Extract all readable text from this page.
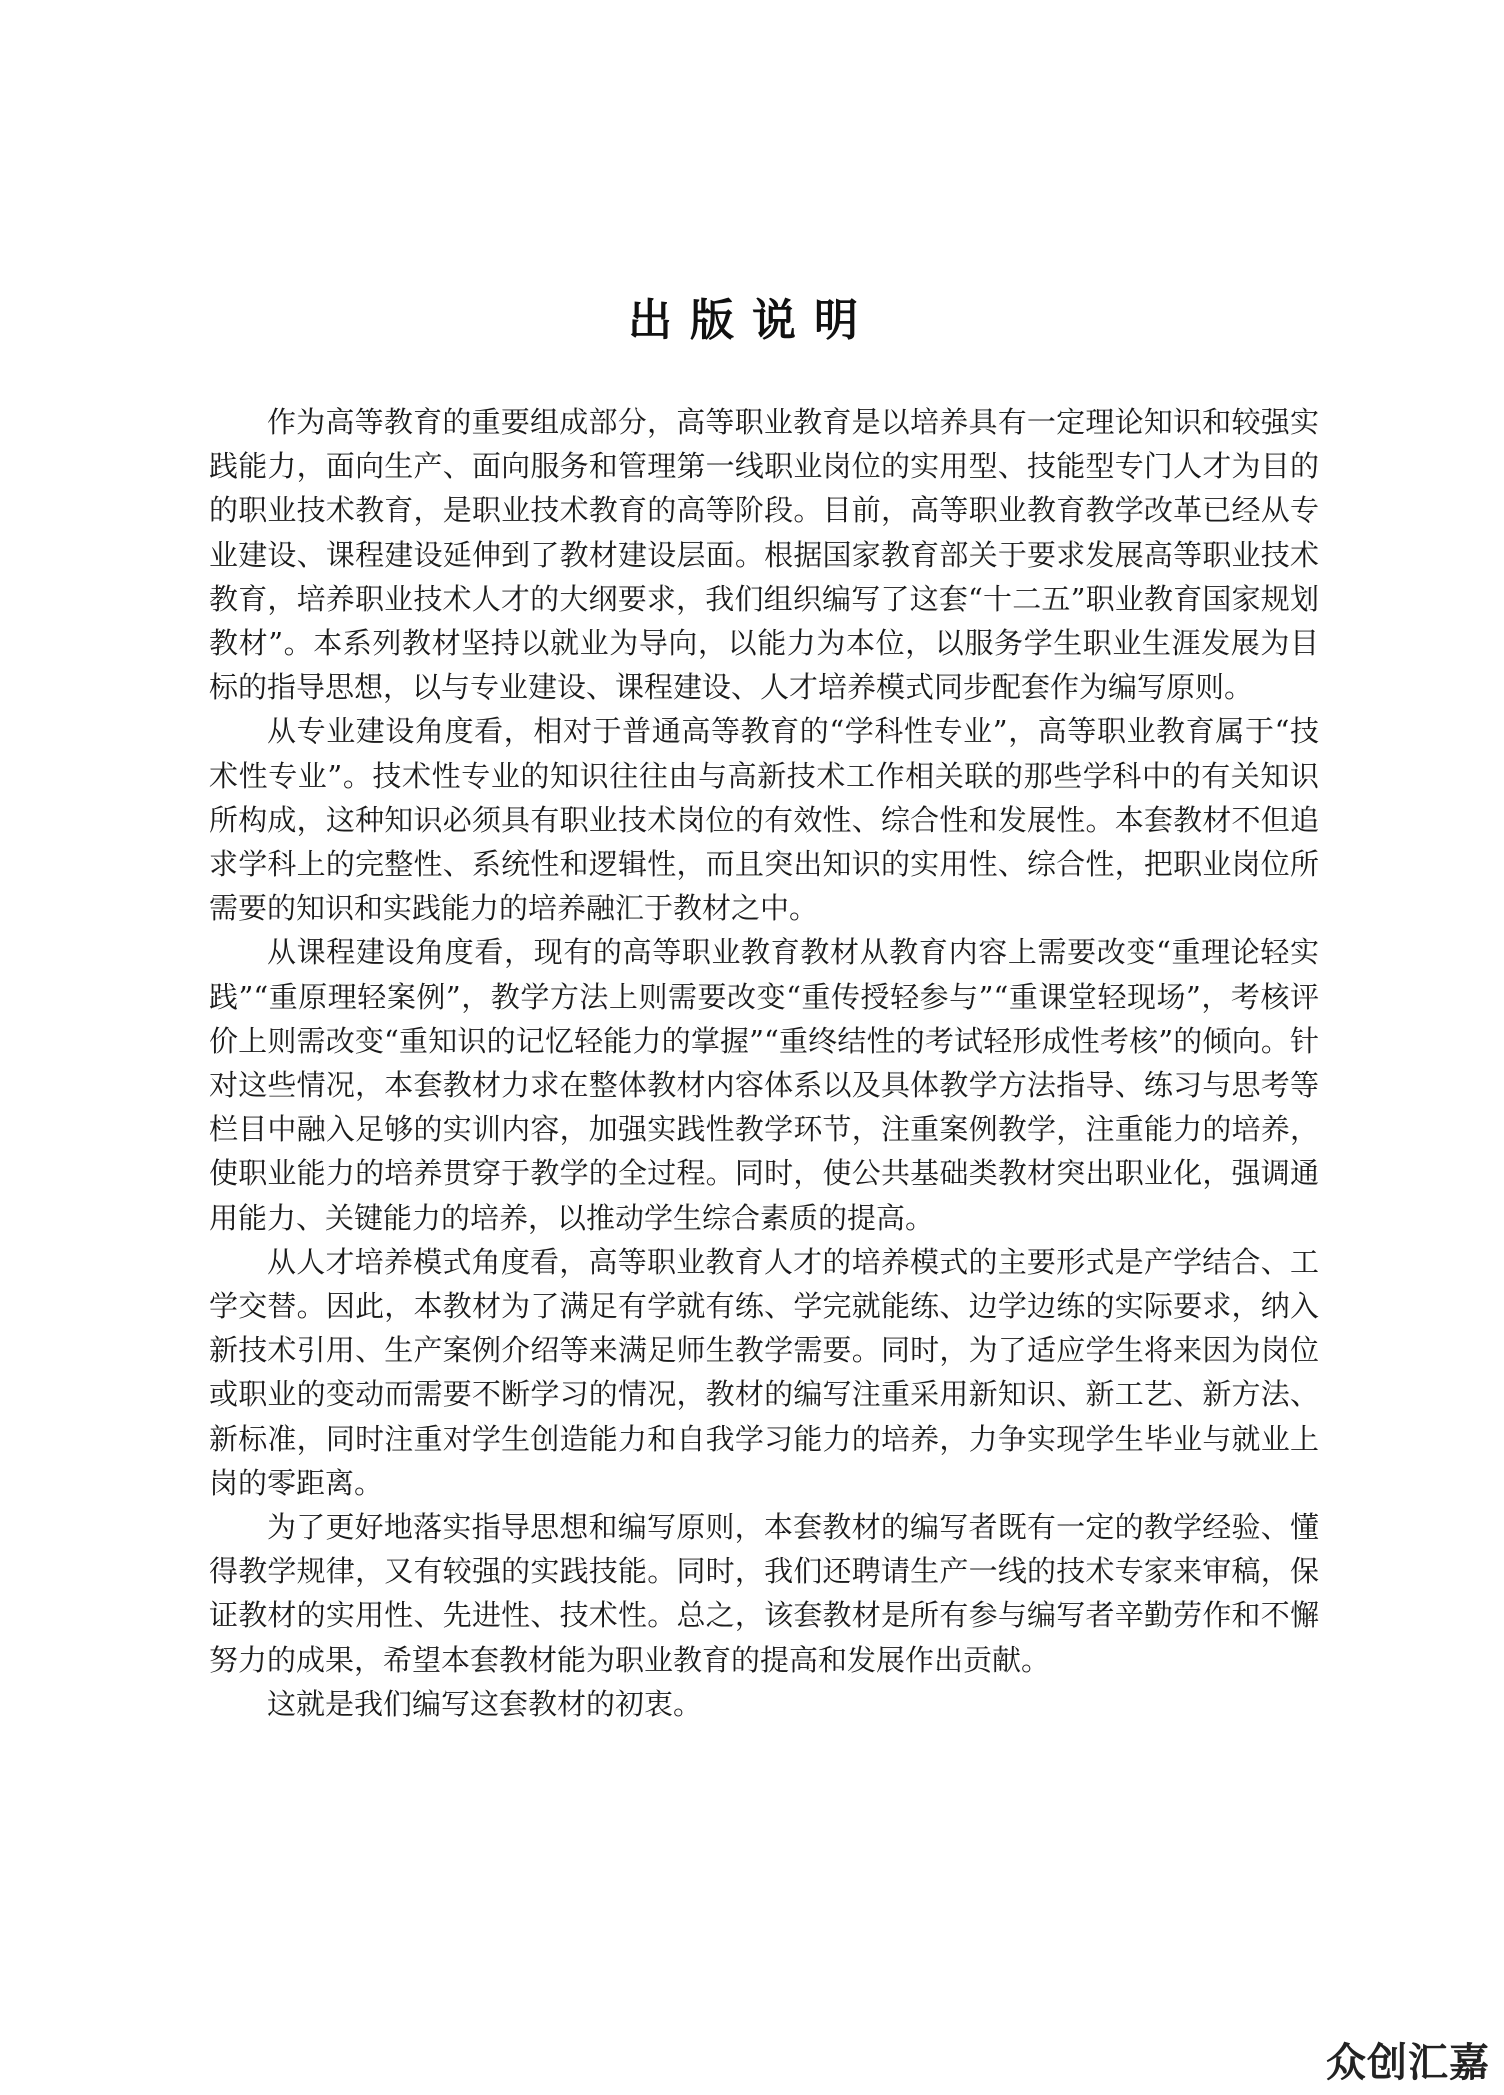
出版说明

作为高等教育的重要组成部分，高等职业教育是以培养具有一定理论知识和较强实践能力，面向生产、面向服务和管理第一线职业岗位的实用型、技能型专门人才为目的的职业技术教育，是职业技术教育的高等阶段。目前，高等职业教育教学改革已经从专业建设、课程建设延伸到了教材建设层面。根据国家教育部关于要求发展高等职业技术教育，培养职业技术人才的大纲要求，我们组织编写了这套“十二五”职业教育国家规划教材”。本系列教材坚持以就业为导向，以能力为本位，以服务学生职业生涯发展为目标的指导思想，以与专业建设、课程建设、人才培养模式同步配套作为编写原则。

从专业建设角度看，相对于普通高等教育的“学科性专业”，高等职业教育属于“技术性专业”。技术性专业的知识往往由与高新技术工作相关联的那些学科中的有关知识所构成，这种知识必须具有职业技术岗位的有效性、综合性和发展性。本套教材不但追求学科上的完整性、系统性和逻辑性，而且突出知识的实用性、综合性，把职业岗位所需要的知识和实践能力的培养融汇于教材之中。

从课程建设角度看，现有的高等职业教育教材从教育内容上需要改变“重理论轻实践”“重原理轻案例”，教学方法上则需要改变“重传授轻参与”“重课堂轻现场”，考核评价上则需改变“重知识的记忆轻能力的掌握”“重终结性的考试轻形成性考核”的倾向。针对这些情况，本套教材力求在整体教材内容体系以及具体教学方法指导、练习与思考等栏目中融入足够的实训内容，加强实践性教学环节，注重案例教学，注重能力的培养，使职业能力的培养贯穿于教学的全过程。同时，使公共基础类教材突出职业化，强调通用能力、关键能力的培养，以推动学生综合素质的提高。

从人才培养模式角度看，高等职业教育人才的培养模式的主要形式是产学结合、工学交替。因此，本教材为了满足有学就有练、学完就能练、边学边练的实际要求，纳入新技术引用、生产案例介绍等来满足师生教学需要。同时，为了适应学生将来因为岗位或职业的变动而需要不断学习的情况，教材的编写注重采用新知识、新工艺、新方法、新标准，同时注重对学生创造能力和自我学习能力的培养，力争实现学生毕业与就业上岗的零距离。

为了更好地落实指导思想和编写原则，本套教材的编写者既有一定的教学经验、懂得教学规律，又有较强的实践技能。同时，我们还聘请生产一线的技术专家来审稿，保证教材的实用性、先进性、技术性。总之，该套教材是所有参与编写者辛勤劳作和不懈努力的成果，希望本套教材能为职业教育的提高和发展作出贡献。

这就是我们编写这套教材的初衷。

众创汇嘉
